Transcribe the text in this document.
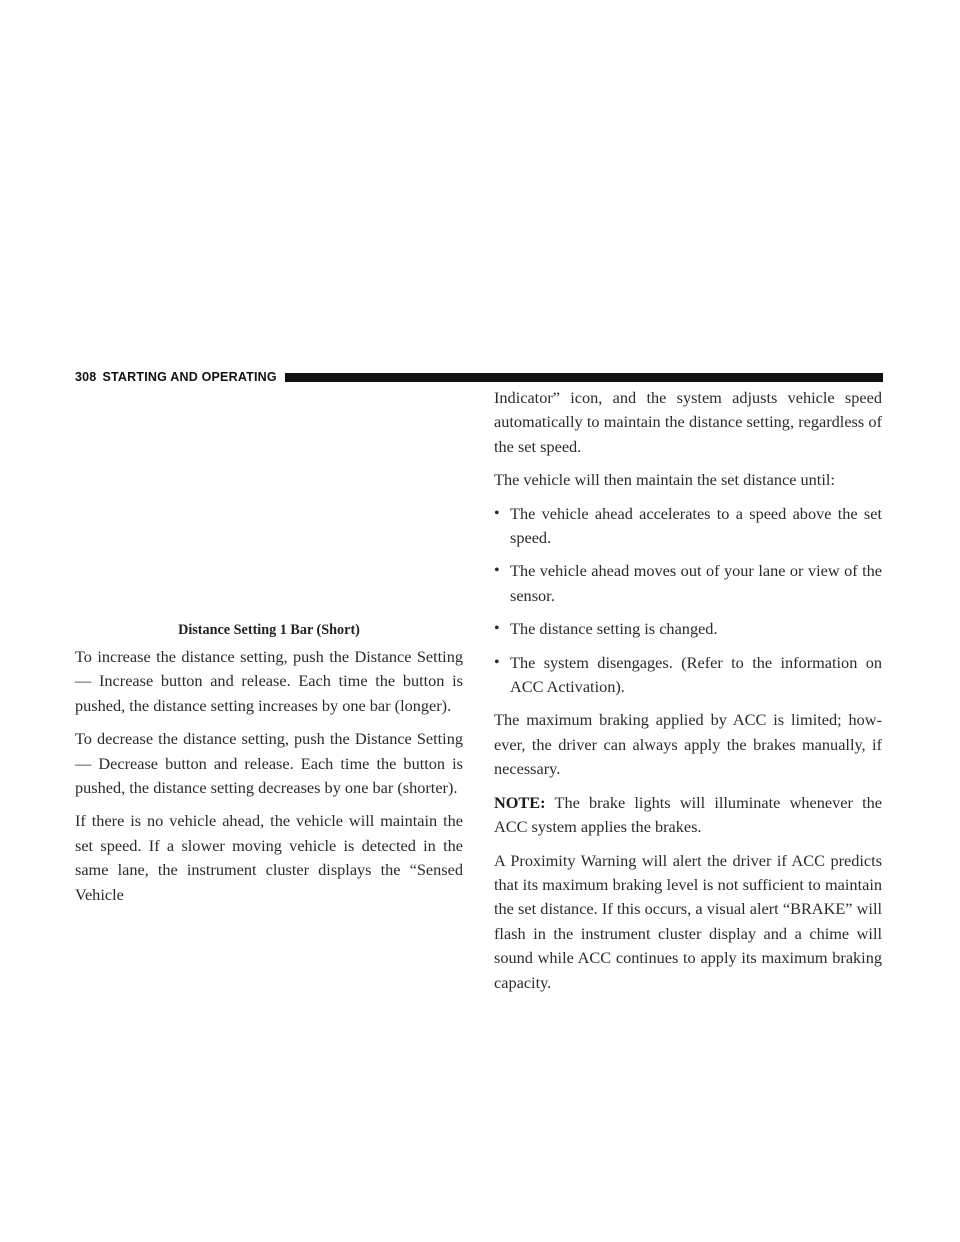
308 STARTING AND OPERATING
Distance Setting 1 Bar (Short)

To increase the distance setting, push the Distance Setting — Increase button and release. Each time the button is pushed, the distance setting increases by one bar (longer).

To decrease the distance setting, push the Distance Setting — Decrease button and release. Each time the button is pushed, the distance setting decreases by one bar (shorter).

If there is no vehicle ahead, the vehicle will maintain the set speed. If a slower moving vehicle is detected in the same lane, the instrument cluster displays the “Sensed Vehicle

Indicator” icon, and the system adjusts vehicle speed automatically to maintain the distance setting, regardless of the set speed.

The vehicle will then maintain the set distance until:

• The vehicle ahead accelerates to a speed above the set speed.
• The vehicle ahead moves out of your lane or view of the sensor.
• The distance setting is changed.
• The system disengages. (Refer to the information on ACC Activation).

The maximum braking applied by ACC is limited; how-ever, the driver can always apply the brakes manually, if necessary.

NOTE: The brake lights will illuminate whenever the ACC system applies the brakes.

A Proximity Warning will alert the driver if ACC predicts that its maximum braking level is not sufficient to maintain the set distance. If this occurs, a visual alert “BRAKE” will flash in the instrument cluster display and a chime will sound while ACC continues to apply its maximum braking capacity.
